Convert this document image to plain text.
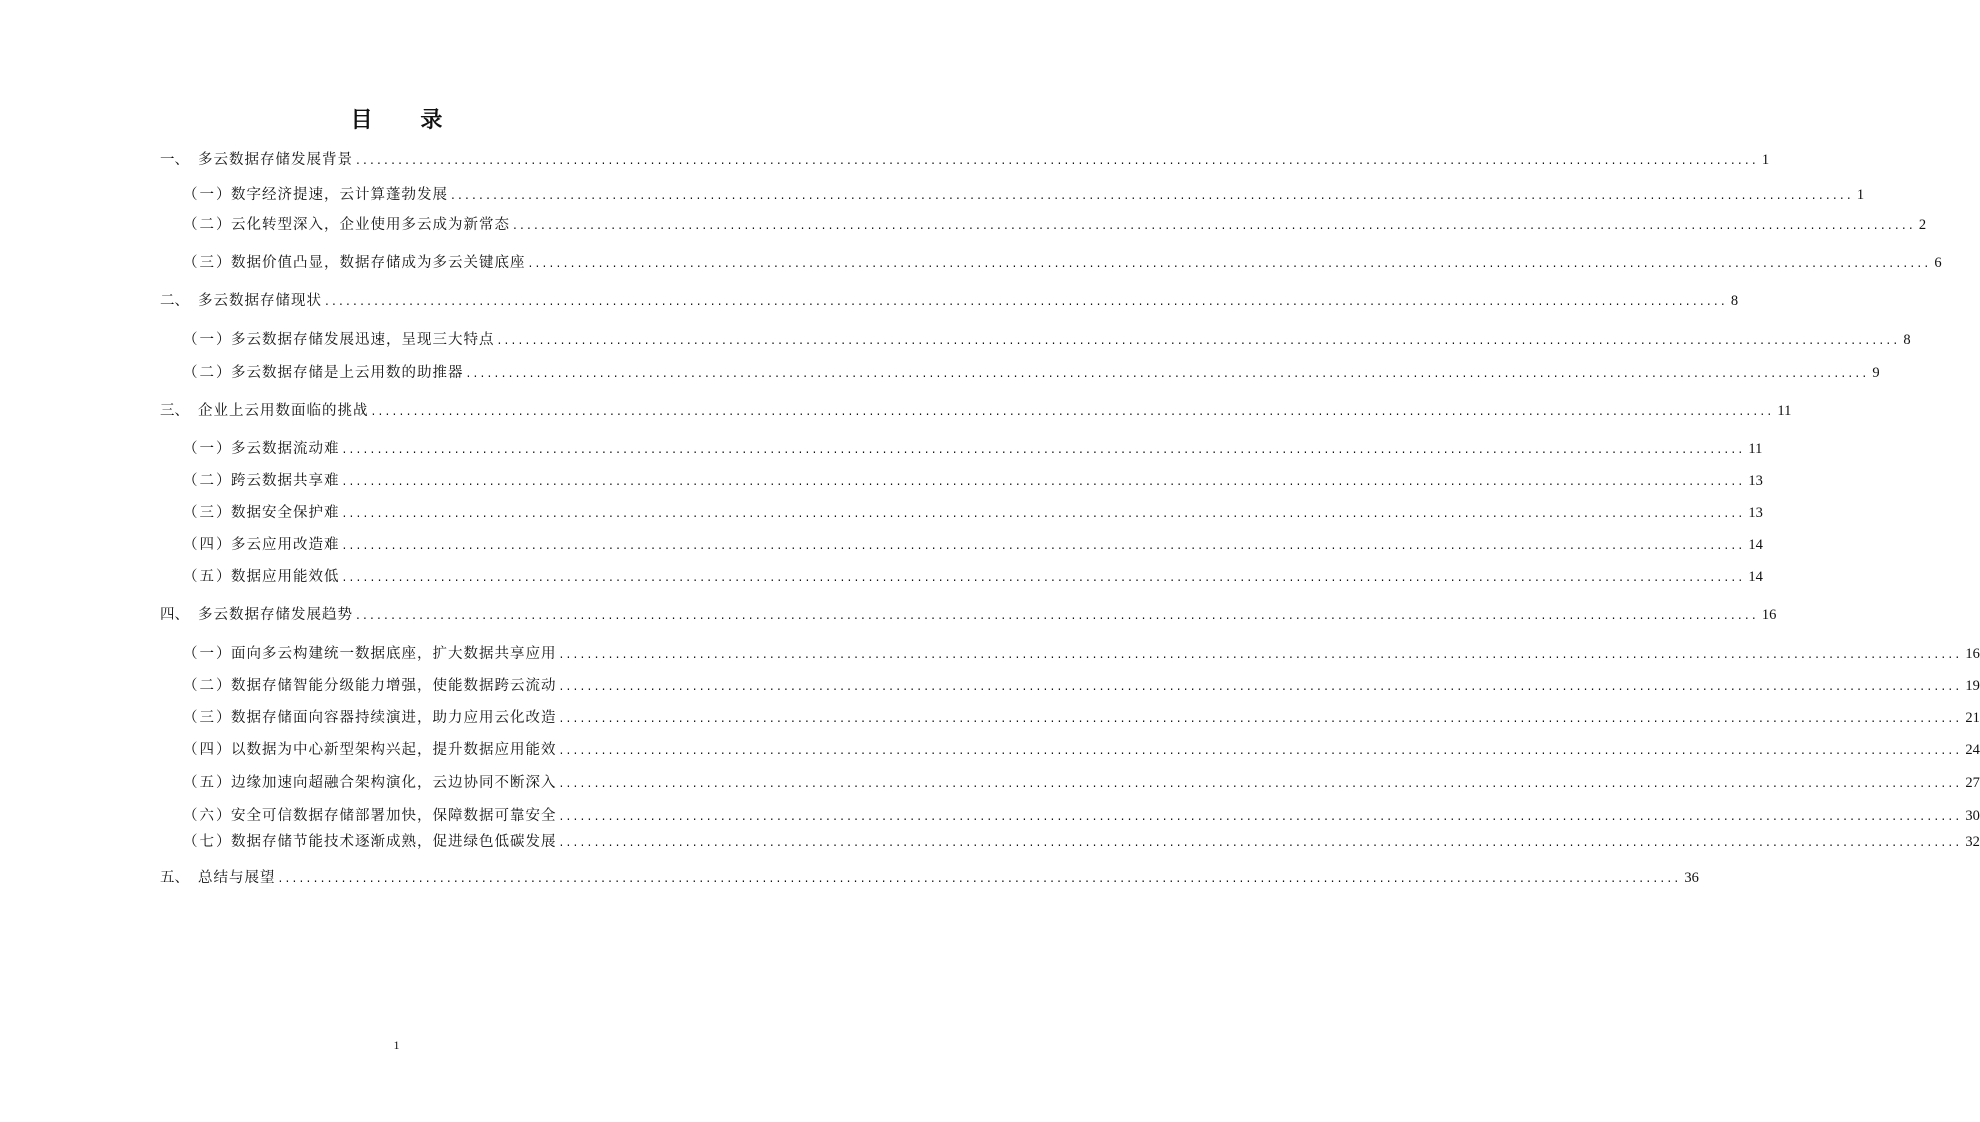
目 录
一、 多云数据存储发展背景 ........................................................................................................................................................................................................ 1
（一）
数字经济提速，云计算蓬勃发展 ........................................................................................................................................................................................................ 1
（二）
云化转型深入，企业使用多云成为新常态 ........................................................................................................................................................................................................ 2
（三）
数据价值凸显，数据存储成为多云关键底座 ........................................................................................................................................................................................................ 6
二、 多云数据存储现状 ........................................................................................................................................................................................................ 8
（一）
多云数据存储发展迅速，呈现三大特点 ........................................................................................................................................................................................................ 8
（二）
多云数据存储是上云用数的助推器 ........................................................................................................................................................................................................ 9
三、 企业上云用数面临的挑战 ........................................................................................................................................................................................................ 11
（一）
多云数据流动难 ........................................................................................................................................................................................................ 11
（二）
跨云数据共享难 ........................................................................................................................................................................................................ 13
（三）
数据安全保护难 ........................................................................................................................................................................................................ 13
（四）
多云应用改造难 ........................................................................................................................................................................................................ 14
（五）
数据应用能效低 ........................................................................................................................................................................................................ 14
四、 多云数据存储发展趋势 ........................................................................................................................................................................................................ 16
（一）
面向多云构建统一数据底座，扩大数据共享应用 ........................................................................................................................................................................................................ 16
（二）
数据存储智能分级能力增强，使能数据跨云流动 ........................................................................................................................................................................................................ 19
（三）
数据存储面向容器持续演进，助力应用云化改造 ........................................................................................................................................................................................................ 21
（四）
以数据为中心新型架构兴起，提升数据应用能效 ........................................................................................................................................................................................................ 24
（五）
边缘加速向超融合架构演化，云边协同不断深入 ........................................................................................................................................................................................................ 27
（六）
安全可信数据存储部署加快，保障数据可靠安全 ........................................................................................................................................................................................................ 30
（七）
数据存储节能技术逐渐成熟，促进绿色低碳发展 ........................................................................................................................................................................................................ 32
五、 总结与展望 ........................................................................................................................................................................................................ 36
1
